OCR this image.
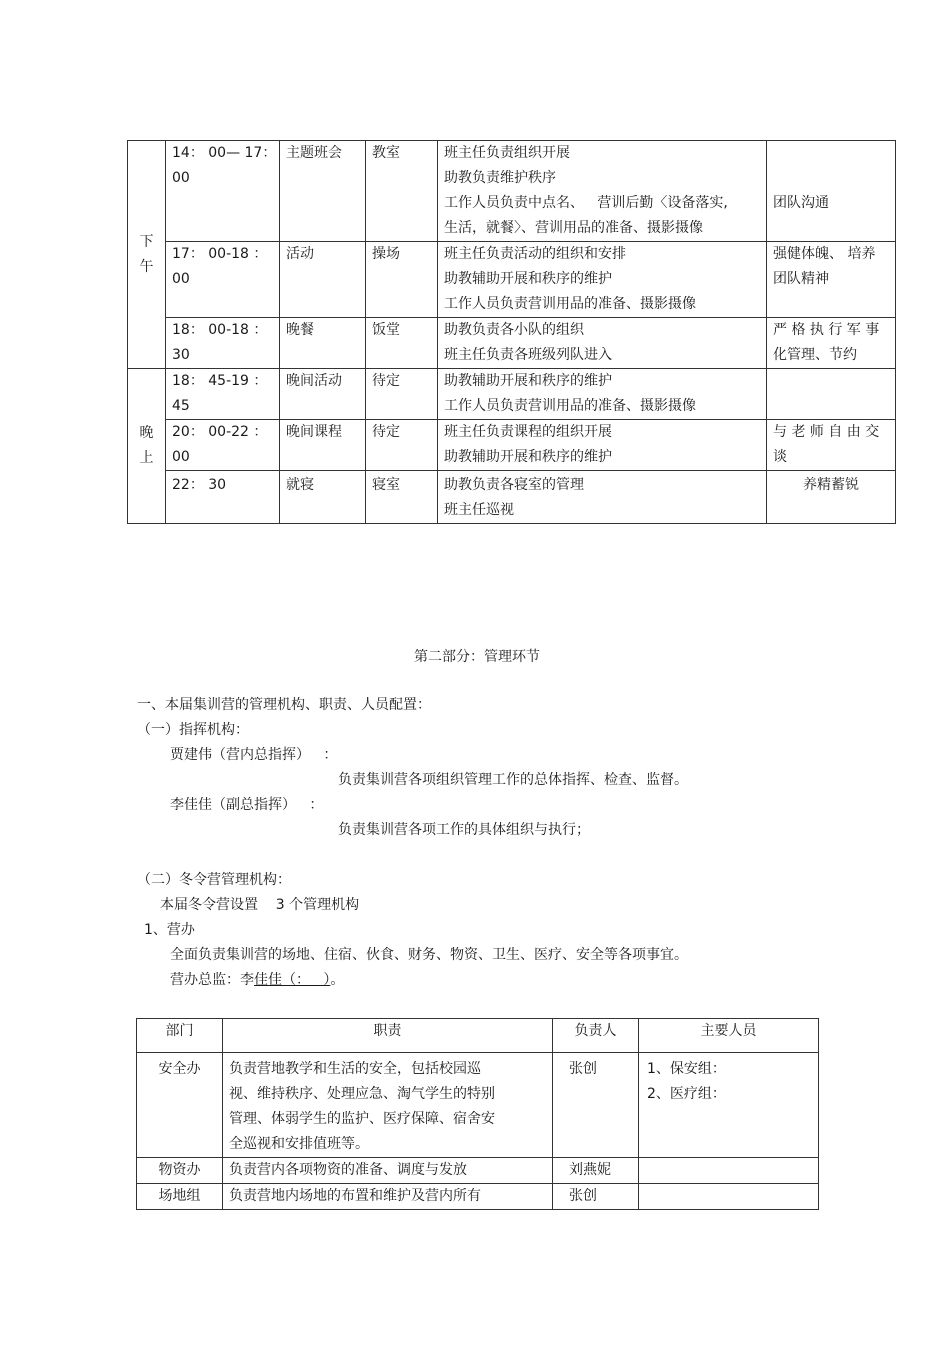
下
午	14： 00— 17：
00	主题班会	教室	班主任负责组织开展
助教负责维护秩序
工作人员负责中点名、   营训后勤〈设备落实,
生活，就餐〉、营训用品的准备、摄影摄像	团队沟通

	17： 00-18 ：
00	活动	操场	班主任负责活动的组织和安排
助教辅助开展和秩序的维护
工作人员负责营训用品的准备、摄影摄像	强健体魄、 培养
团队精神

	18： 00-18 ：
30	晚餐	饭堂	助教负责各小队的组织
班主任负责各班级列队进入	严 格 执 行 军 事
化管理、节约

晚
上	18： 45-19 ：
45	晚间活动	待定	助教辅助开展和秩序的维护
工作人员负责营训用品的准备、摄影摄像	

	20： 00-22 ：
00	晚间课程	待定	班主任负责课程的组织开展
助教辅助开展和秩序的维护	与 老 师 自 由 交
谈

	22： 30	就寝	寝室	助教负责各寝室的管理
班主任巡视	养精蓄锐
第二部分：管理环节
一、本届集训营的管理机构、职责、人员配置：
（一）指挥机构：
贾建伟（营内总指挥）   ：
负责集训营各项组织管理工作的总体指挥、检查、监督。
李佳佳（副总指挥）   ：
负责集训营各项工作的具体组织与执行；
（二）冬令营管理机构：
本届冬令营设置    3 个管理机构
1、营办
全面负责集训营的场地、住宿、伙食、财务、物资、卫生、医疗、安全等各项事宜。
营办总监：李佳佳（：   ）。
部门	职责	负责人	主要人员
安全办	负责营地教学和生活的安全，包括校园巡
视、维持秩序、处理应急、淘气学生的特别
管理、体弱学生的监护、医疗保障、宿舍安
全巡视和安排值班等。	张创	1、保安组：
2、医疗组：

物资办	负责营内各项物资的准备、调度与发放	刘燕妮	

场地组	负责营地内场地的布置和维护及营内所有	张创	
